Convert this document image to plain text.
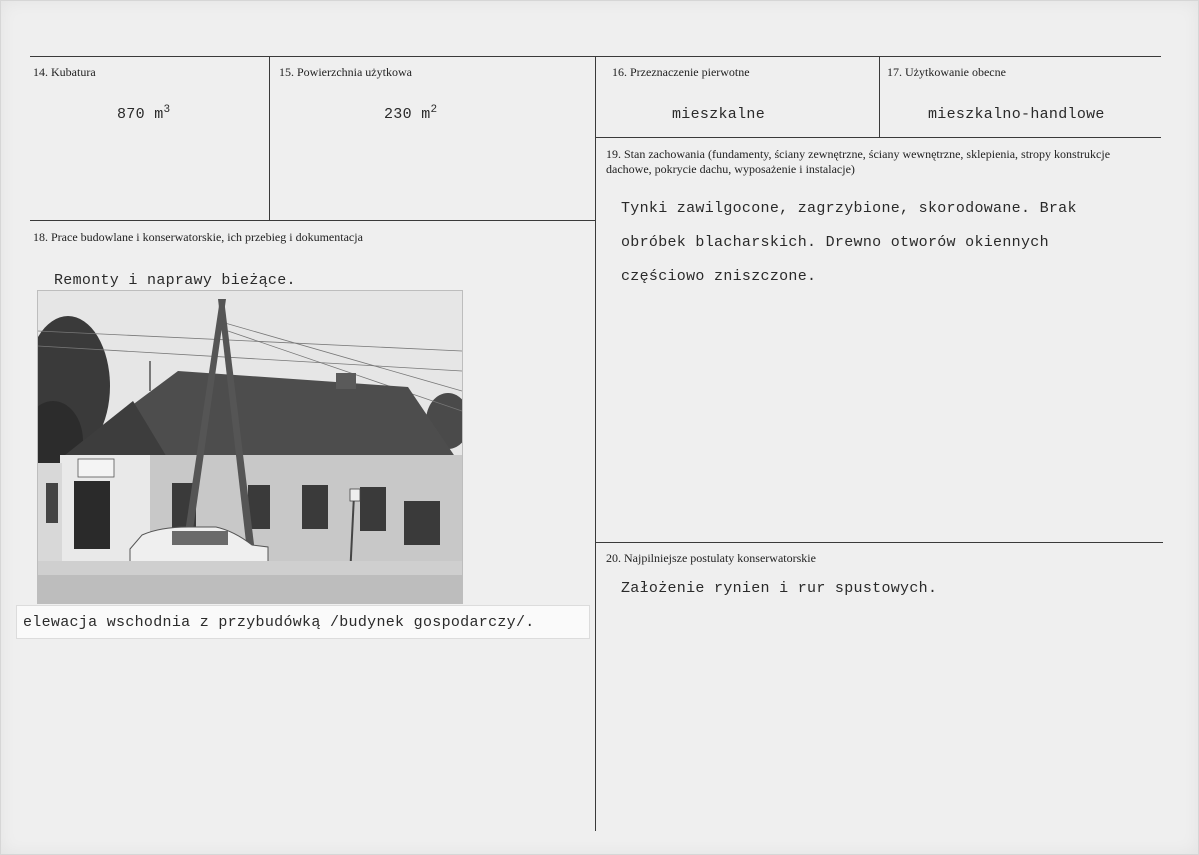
14. Kubatura
870 $m^3$
15. Powierzchnia użytkowa
230 $m^2$
16. Przeznaczenie pierwotne
mieszkalne
17. Użytkowanie obecne
mieszkalno-handlowe
19. Stan zachowania (fundamenty, ściany zewnętrzne, ściany wewnętrzne, sklepienia, stropy konstrukcje dachowe, pokrycie dachu, wyposażenie i instalacje)
Tynki zawilgocone, zagrzybione, skorodowane. Brak obróbek blacharskich. Drewno otworów okiennych częściowo zniszczone.
18. Prace budowlane i konserwatorskie, ich przebieg i dokumentacja
Remonty i naprawy bieżące.
elewacja wschodnia z przybudówką /budynek gospodarczy/.
20. Najpilniejsze postulaty konserwatorskie
Założenie rynien i rur spustowych.
